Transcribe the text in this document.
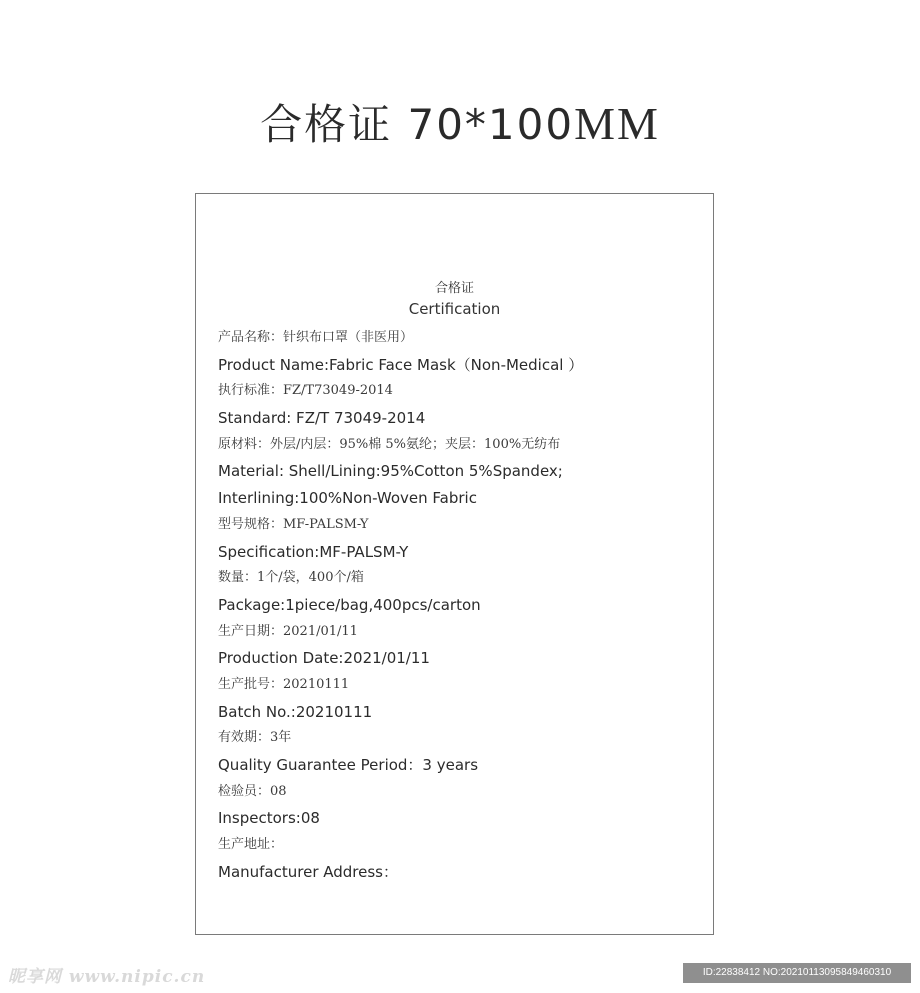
合格证 70*100MM
合格证
Certification
产品名称：针织布口罩（非医用）
Product Name:Fabric Face Mask（Non-Medical ）
执行标准：FZ/T73049-2014
Standard: FZ/T 73049-2014
原材料：外层/内层：95%棉 5%氨纶；夹层：100%无纺布
Material: Shell/Lining:95%Cotton 5%Spandex;
Interlining:100%Non-Woven Fabric
型号规格：MF-PALSM-Y
Specification:MF-PALSM-Y
数量：1个/袋，400个/箱
Package:1piece/bag,400pcs/carton
生产日期：2021/01/11
Production Date:2021/01/11
生产批号：20210111
Batch No.:20210111
有效期：3年
Quality Guarantee Period：3 years
检验员：08
Inspectors:08
生产地址：
Manufacturer Address：
昵享网 www.nipic.cn	ID:22838412 NO:20210113095849460310
